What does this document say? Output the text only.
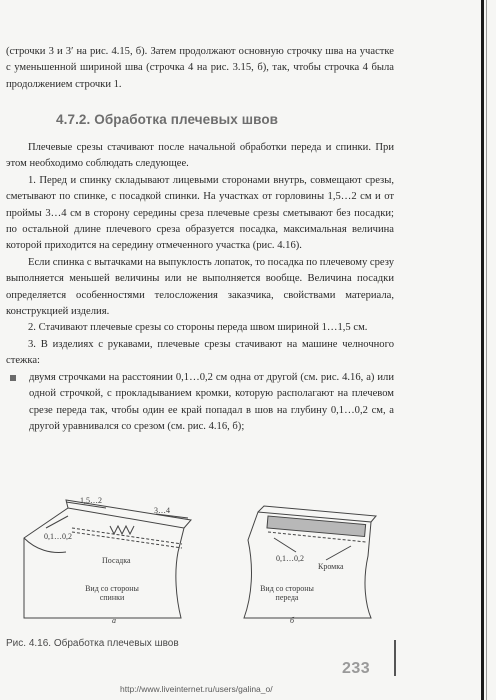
(строчки 3 и 3′ на рис. 4.15, б). Затем продолжают основную строчку шва на участке с уменьшенной шириной шва (строчка 4 на рис. 3.15, б), так, чтобы строчка 4 была продолжением строчки 1.

4.7.2. Обработка плечевых швов

Плечевые срезы стачивают после начальной обработки переда и спинки. При этом необходимо соблюдать следующее.

1. Перед и спинку складывают лицевыми сторонами внутрь, совмещают срезы, сметывают по спинке, с посадкой спинки. На участках от горловины 1,5…2 см и от проймы 3…4 см в сторону середины среза плечевые срезы сметывают без посадки; по остальной длине плечевого среза образуется посадка, максимальная величина которой приходится на середину отмеченного участка (рис. 4.16).

Если спинка с вытачками на выпуклость лопаток, то посадка по плечевому срезу выполняется меньшей величины или не выполняется вообще. Величина посадки определяется особенностями телосложения заказчика, свойствами материала, конструкцией изделия.

2. Стачивают плечевые срезы со стороны переда швом шириной 1…1,5 см.

3. В изделиях с рукавами, плечевые срезы стачивают на машине челночного стежка:

двумя строчками на расстоянии 0,1…0,2 см одна от другой (см. рис. 4.16, а) или одной строчкой, с прокладыванием кромки, которую располагают на плечевом срезе переда так, чтобы один ее край попадал в шов на глубину 0,1…0,2 см, а другой уравнивался со срезом (см. рис. 4.16, б);
1,5…2
3…4
0,1…0,2
Посадка
Вид со стороны спинки
а
0,1…0,2
Кромка
Вид со стороны переда
б
Рис. 4.16. Обработка плечевых швов
233
http://www.liveinternet.ru/users/galina_o/
